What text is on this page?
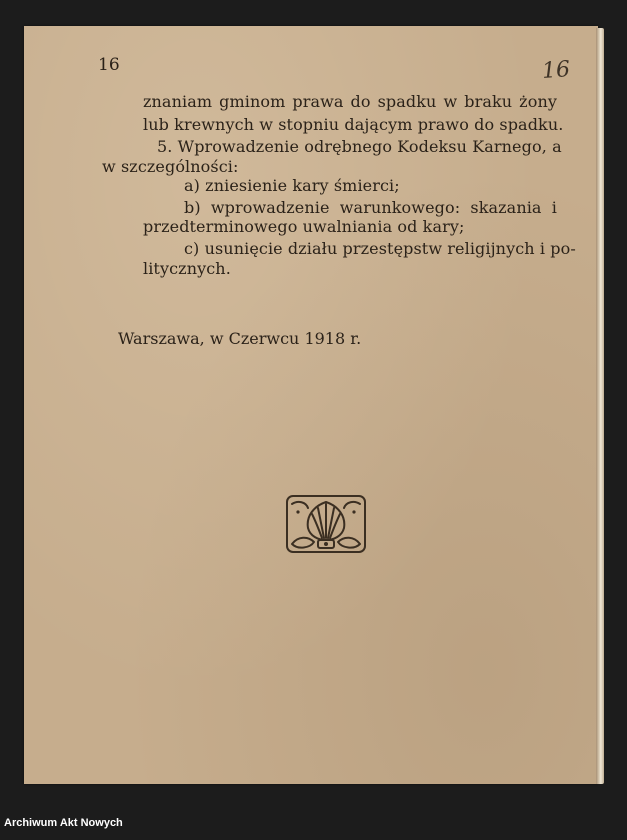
16	16
znaniam gminom prawa do spadku w braku żony
lub krewnych w stopniu dającym prawo do spadku.
5. Wprowadzenie odrębnego Kodeksu Karnego, a
w szczególności:
a) zniesienie kary śmierci;
b) wprowadzenie warunkowego: skazania i
przedterminowego uwalniania od kary;
c) usunięcie działu przestępstw religijnych i po-
litycznych.
Warszawa, w Czerwcu 1918 r.
Archiwum Akt Nowych
